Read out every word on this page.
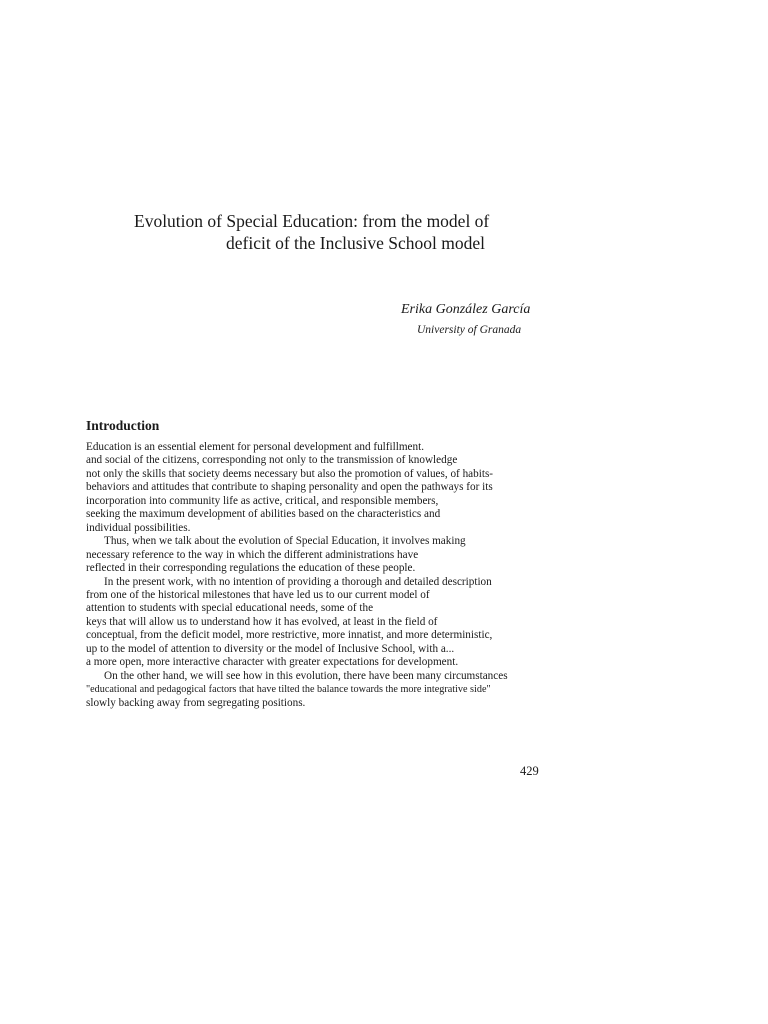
Evolution of Special Education: from the model of
deficit of the Inclusive School model
Erika González García
University of Granada
Introduction
Education is an essential element for personal development and fulfillment.
and social of the citizens, corresponding not only to the transmission of knowledge
not only the skills that society deems necessary but also the promotion of values, of habits-
behaviors and attitudes that contribute to shaping personality and open the pathways for its
incorporation into community life as active, critical, and responsible members,
seeking the maximum development of abilities based on the characteristics and
individual possibilities.
Thus, when we talk about the evolution of Special Education, it involves making
necessary reference to the way in which the different administrations have
reflected in their corresponding regulations the education of these people.
In the present work, with no intention of providing a thorough and detailed description
from one of the historical milestones that have led us to our current model of
attention to students with special educational needs, some of the
keys that will allow us to understand how it has evolved, at least in the field of
conceptual, from the deficit model, more restrictive, more innatist, and more deterministic,
up to the model of attention to diversity or the model of Inclusive School, with a...
a more open, more interactive character with greater expectations for development.
On the other hand, we will see how in this evolution, there have been many circumstances
"educational and pedagogical factors that have tilted the balance towards the more integrative side"
slowly backing away from segregating positions.
429
